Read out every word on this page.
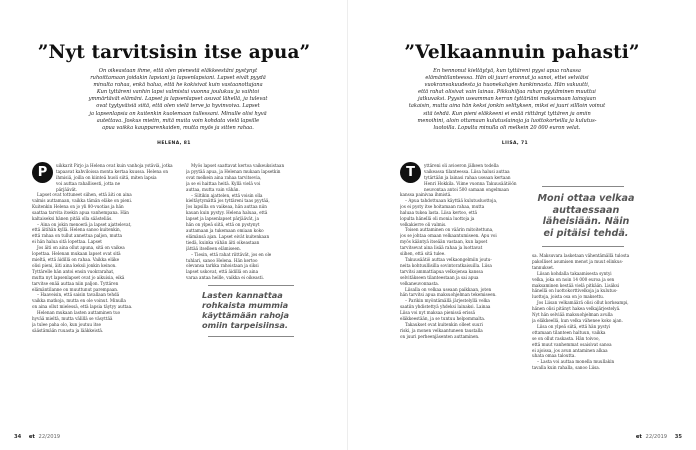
”Nyt tarvitsisin itse apua”
On oikeastaan ihme, että olen pienestä eläkkeestäni pystynyt
ruhoittamaan joidakin lapsiani ja lapsenlapsiani. Lapset eivät pyydä
minulta rahaa, enkä halua, että he kokisivat kuin vastaanottajana
Kun tyttäreni vanhin lapsi valmistui vuonna joulukuu ja vaihtoi
ymmärtävät elämäni. Lapset ja lapsenlapset asuvat lähellä, ja tulevat
ovat tyytyväisiä siitä, että olen vielä terve ja hyvinvoiva. Lapset
ja lapsenlapsia on kuitenkin kuolemaan tullessani. Minulle olisi hyvä
autettava. Joskus mietin, mitä muita voin kohdata vielä lapsille
apua vaikka kaupparenkaiden, mutta myös ja sitten rahaa.
HELENA, 81
P	uikkarit Pirjo ja Helena ovat kuin vanhoja ystäviä, jotka

tapaavat kahviloissa monta kertaa kuussa. Helena on

ihmisiä, joilla on kiinteä huoli siitä, miten lapsia

voi auttaa rahallisesti, jotta ne

pärjäävät.

Lapset ovat tottuneet siihen, että äiti on aina

valmis auttamaan, vaikka tämän eläke on pieni.

Kuitenkin Helena on jo yli 80-vuotias ja hän

saattaa tarvita itsekin apua vanhempana. Hän

kaltaiseksi hänen pitää olla säästeliäs.

– Aina on jokin menoerä ja lapset ajattelevat,

että äitihän kyllä. Helena sanoo kuitenkin,

että rahaa on tullut annettua paljon, mutta

ei hän halua sitä lopettaa. Lapset

Jos äiti on aina ollut apuna, sitä on vaikea

lopettaa. Helenan mukaan lapset ovat sitä

mieltä, että äidillä on rahaa. Vaikka eläke

olisi pieni, äiti aina keksii jonkin keinon.

Tyttärelle hän antoi ensin vuokrarahat,

mutta nyt lapsenlapset ovat jo aikuisia, eikä

tarvitse enää auttaa niin paljon. Tyttären

elämäntilanne on muuttunut parempaan.

– Haaveisin, että saisin tavallaan tehdä

vaikka matkoja, mutta en ole voinut. Minulla

on aina ollut mielessä, että lapsia täytyy auttaa.

Helenan mukaan lasten auttaminen tuo

hyvää mieltä, mutta välillä se väsyttää

ja tulee paha olo, kun joutuu itse

säästämään ruuasta ja lääkkeistä.

Myös lapset saattavat kertoa vaikeuksistaan

ja pyytää apua, ja Helenan mukaan lapsetkin

ovat melkein aina rahaa tarvitsevia,

ja se ei haittaa heitä. Kyllä vielä voi

auttaa, mutta vain vähän.

– Siltikin ajattelen, että voisin olla

kieltäytymättä jos tyttäreni taas pyytää,

Jos lapsilla on vaikeaa, hän auttaa niin

kauan kuin pystyy. Helena haluaa, että

lapset ja lapsenlapset pärjäävät, ja

hän on ylpeä siitä, että on pystynyt

auttamaan ja tukemaan omiaan koko

elämänsä ajan. Lapset eivät kuitenkaan

tiedä, kuinka vähän äiti oikeastaan

jättää itselleen elämiseen.

– Tiesin, että rahat riittävät, jos en ole

tuhlari, sanoo Helena. Hän kertoo

olevansa tarkka rahoistaan ja siksi

lapset uskovat, että äidillä on aina

varaa antaa heille, vaikka ei oikeasti.

Lasten kannattaa
rohkaista mummia
käyttämään rahoja
omiin tarpeisiinsa.
34 et 22/2019
”Velkaannuin pahasti”
En hennonut kieltäytyä, kun tyttäreni pyysi apua rahassa
elämäntilanteessa. Hän oli juuri eronnut ja sanoi, ettei selviäisi
vuokranvakuudesta ja huonekalujen hankinnasta. Hän vakuutti,
että rahat olisivat vain lainaa. Pikkuhiljaa rahan pyytäminen muuttui
jatkuvaksi. Pyysin useamman kerran tyttäriäni maksamaan lainojaan
takaisin, mutta aina hän keksi jonkin selityksen, miksi ei juuri sillloin voinut
sitä tehdä. Kun pieni eläkkeeni ei enää riittänyt tyttären ja omiin
menoihini, aloin ottamaan kulutuslainoja ja luottokorteilla ja kulutus-
luotoilla. Lopulta minulla oli melkein 20 000 euron velat.
LIISA, 71
T	yttäreni oli avioeron jälkeen todella

vaikeassa tilanteessa. Liisa halusi auttaa

tytärtään ja lainasi rahaa useaan kertaan

Henri Hokkila. Viime vuonna Takuusäätiöön

neuvontaa antoi 500 samaan ongelmaan

kanssa painivaa ihmistä.

– Apua tahdottuaan käyttää kulutusluottoja,

jos ei pysty itse hoitamaan rahaa, mutta

haluaa tukea lasta. Liisa kertoo, että

lopulta hänellä oli monia luottoja ja

velkakierre oli valmis.

Toisen auttaminen on väärin mitoitettuna,

jos se johtaa omaan velkaantumiseen. Apu voi

myös kääntyä itseään vastaan, kun lapset

tarvitsevat aina lisää rahaa ja luottavat

siihen, että sitä tulee.

Takuusäätiö auttaa velkaongelmiin joutu-

neita kohtuullisilla sovintoratkaisuilla. Liisa

tarvitsi ammattiapua velkojensa kanssa

selvitäkseen tilanteestaan ja sai apua

velkaneuvonnasta.

Liisalla on velkaa useaan paikkaan, joten

hän tarvitsi apua maksuohjelman tekemiseen.

– Parikin myöntämällä järjestelyllä velka

saatiin yhdistettyä yhdeksi lainaksi. Lainaa

Liisa voi nyt maksaa pienissä erissä

eläkkeestään, ja se tuntuu helpommalta.

Takaukset ovat kuitenkin olleet suuri

riski, ja monen velkaantuneen taustalla

on juuri perheenjäsenten auttaminen.

Moni ottaa velkaa
auttaessaan
läheisiään. Näin
ei pitäisi tehdä.

sa. Maksuvara lasketaan vähentämällä tulosta

pakolliset asumisen menot ja muut elinkus-

tannukset.

Liisan kohdalla takaamisesta syntyi

velka, joka on noin 14 000 euroa ja sen

maksaminen kestää vielä pitkään. Lisäksi

hänellä on luottokorttivelkoja ja kulutus-

luottoja, joista osa on jo maksettu.

Jos Liisan velkamäärä olisi ollut korkeampi,

hänen olisi pitänyt hakea velkajärjestelyä.

Nyt hän selviää maksuohjelman avulla

ja eläkkeellä, kun velka vähenee koko ajan.

Liisa on ylpeä siitä, että hän pystyi

ottamaan tilanteen haltuun, vaikka

se on ollut raskasta. Hän toivoo,

että muut vanhemmat osaisivat sanoa

ei ajoissa, jos avun antaminen alkaa

uhata omaa taloutta.

– Lasta voi auttaa monella muullakin

tavalla kuin rahalla, sanoo Liisa.

et 22/2019 35
